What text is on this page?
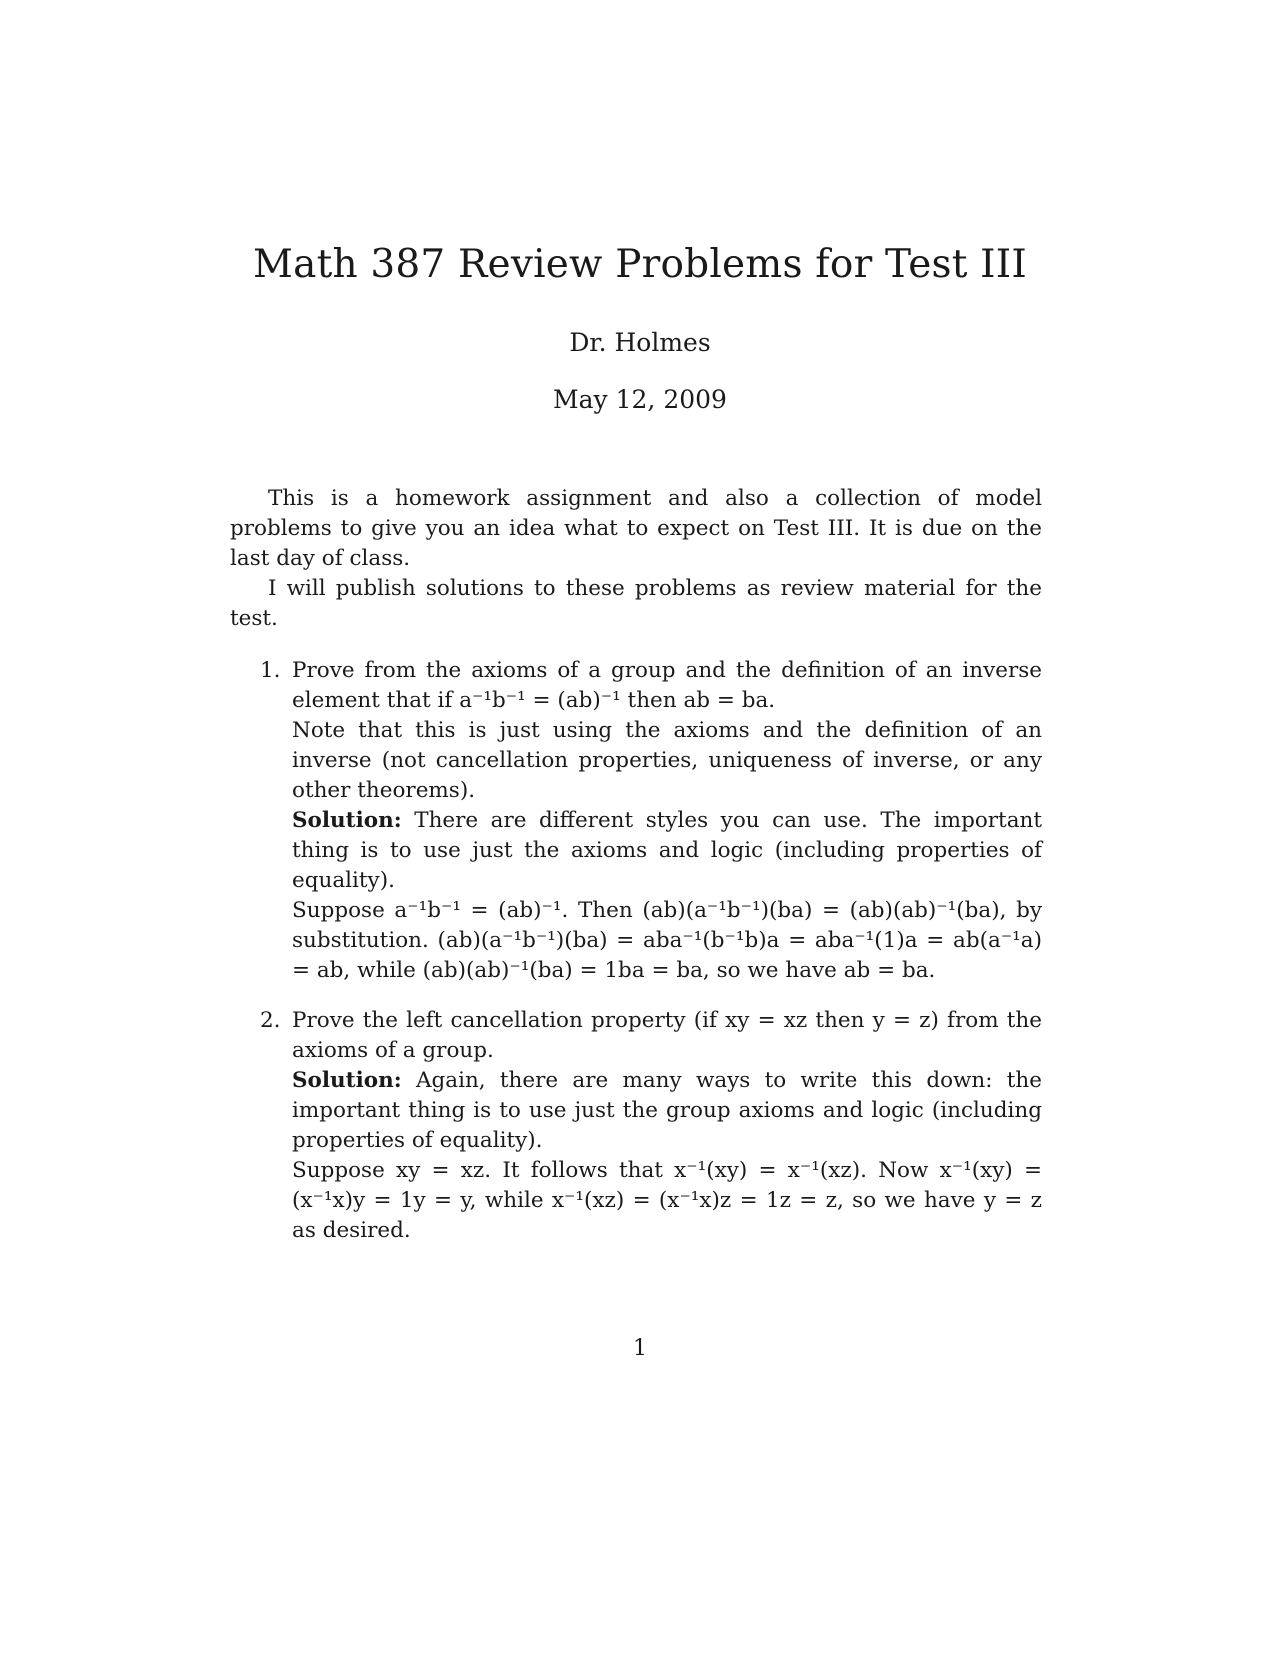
Math 387 Review Problems for Test III
Dr. Holmes
May 12, 2009

This is a homework assignment and also a collection of model problems to give you an idea what to expect on Test III. It is due on the last day of class.

I will publish solutions to these problems as review material for the test.

1. Prove from the axioms of a group and the definition of an inverse element that if a⁻¹b⁻¹ = (ab)⁻¹ then ab = ba.

Note that this is just using the axioms and the definition of an inverse (not cancellation properties, uniqueness of inverse, or any other theorems).

Solution: There are different styles you can use. The important thing is to use just the axioms and logic (including properties of equality).

Suppose a⁻¹b⁻¹ = (ab)⁻¹. Then (ab)(a⁻¹b⁻¹)(ba) = (ab)(ab)⁻¹(ba), by substitution. (ab)(a⁻¹b⁻¹)(ba) = aba⁻¹(b⁻¹b)a = aba⁻¹(1)a = ab(a⁻¹a) = ab, while (ab)(ab)⁻¹(ba) = 1ba = ba, so we have ab = ba.

2. Prove the left cancellation property (if xy = xz then y = z) from the axioms of a group.

Solution: Again, there are many ways to write this down: the important thing is to use just the group axioms and logic (including properties of equality).

Suppose xy = xz. It follows that x⁻¹(xy) = x⁻¹(xz). Now x⁻¹(xy) = (x⁻¹x)y = 1y = y, while x⁻¹(xz) = (x⁻¹x)z = 1z = z, so we have y = z as desired.

1
